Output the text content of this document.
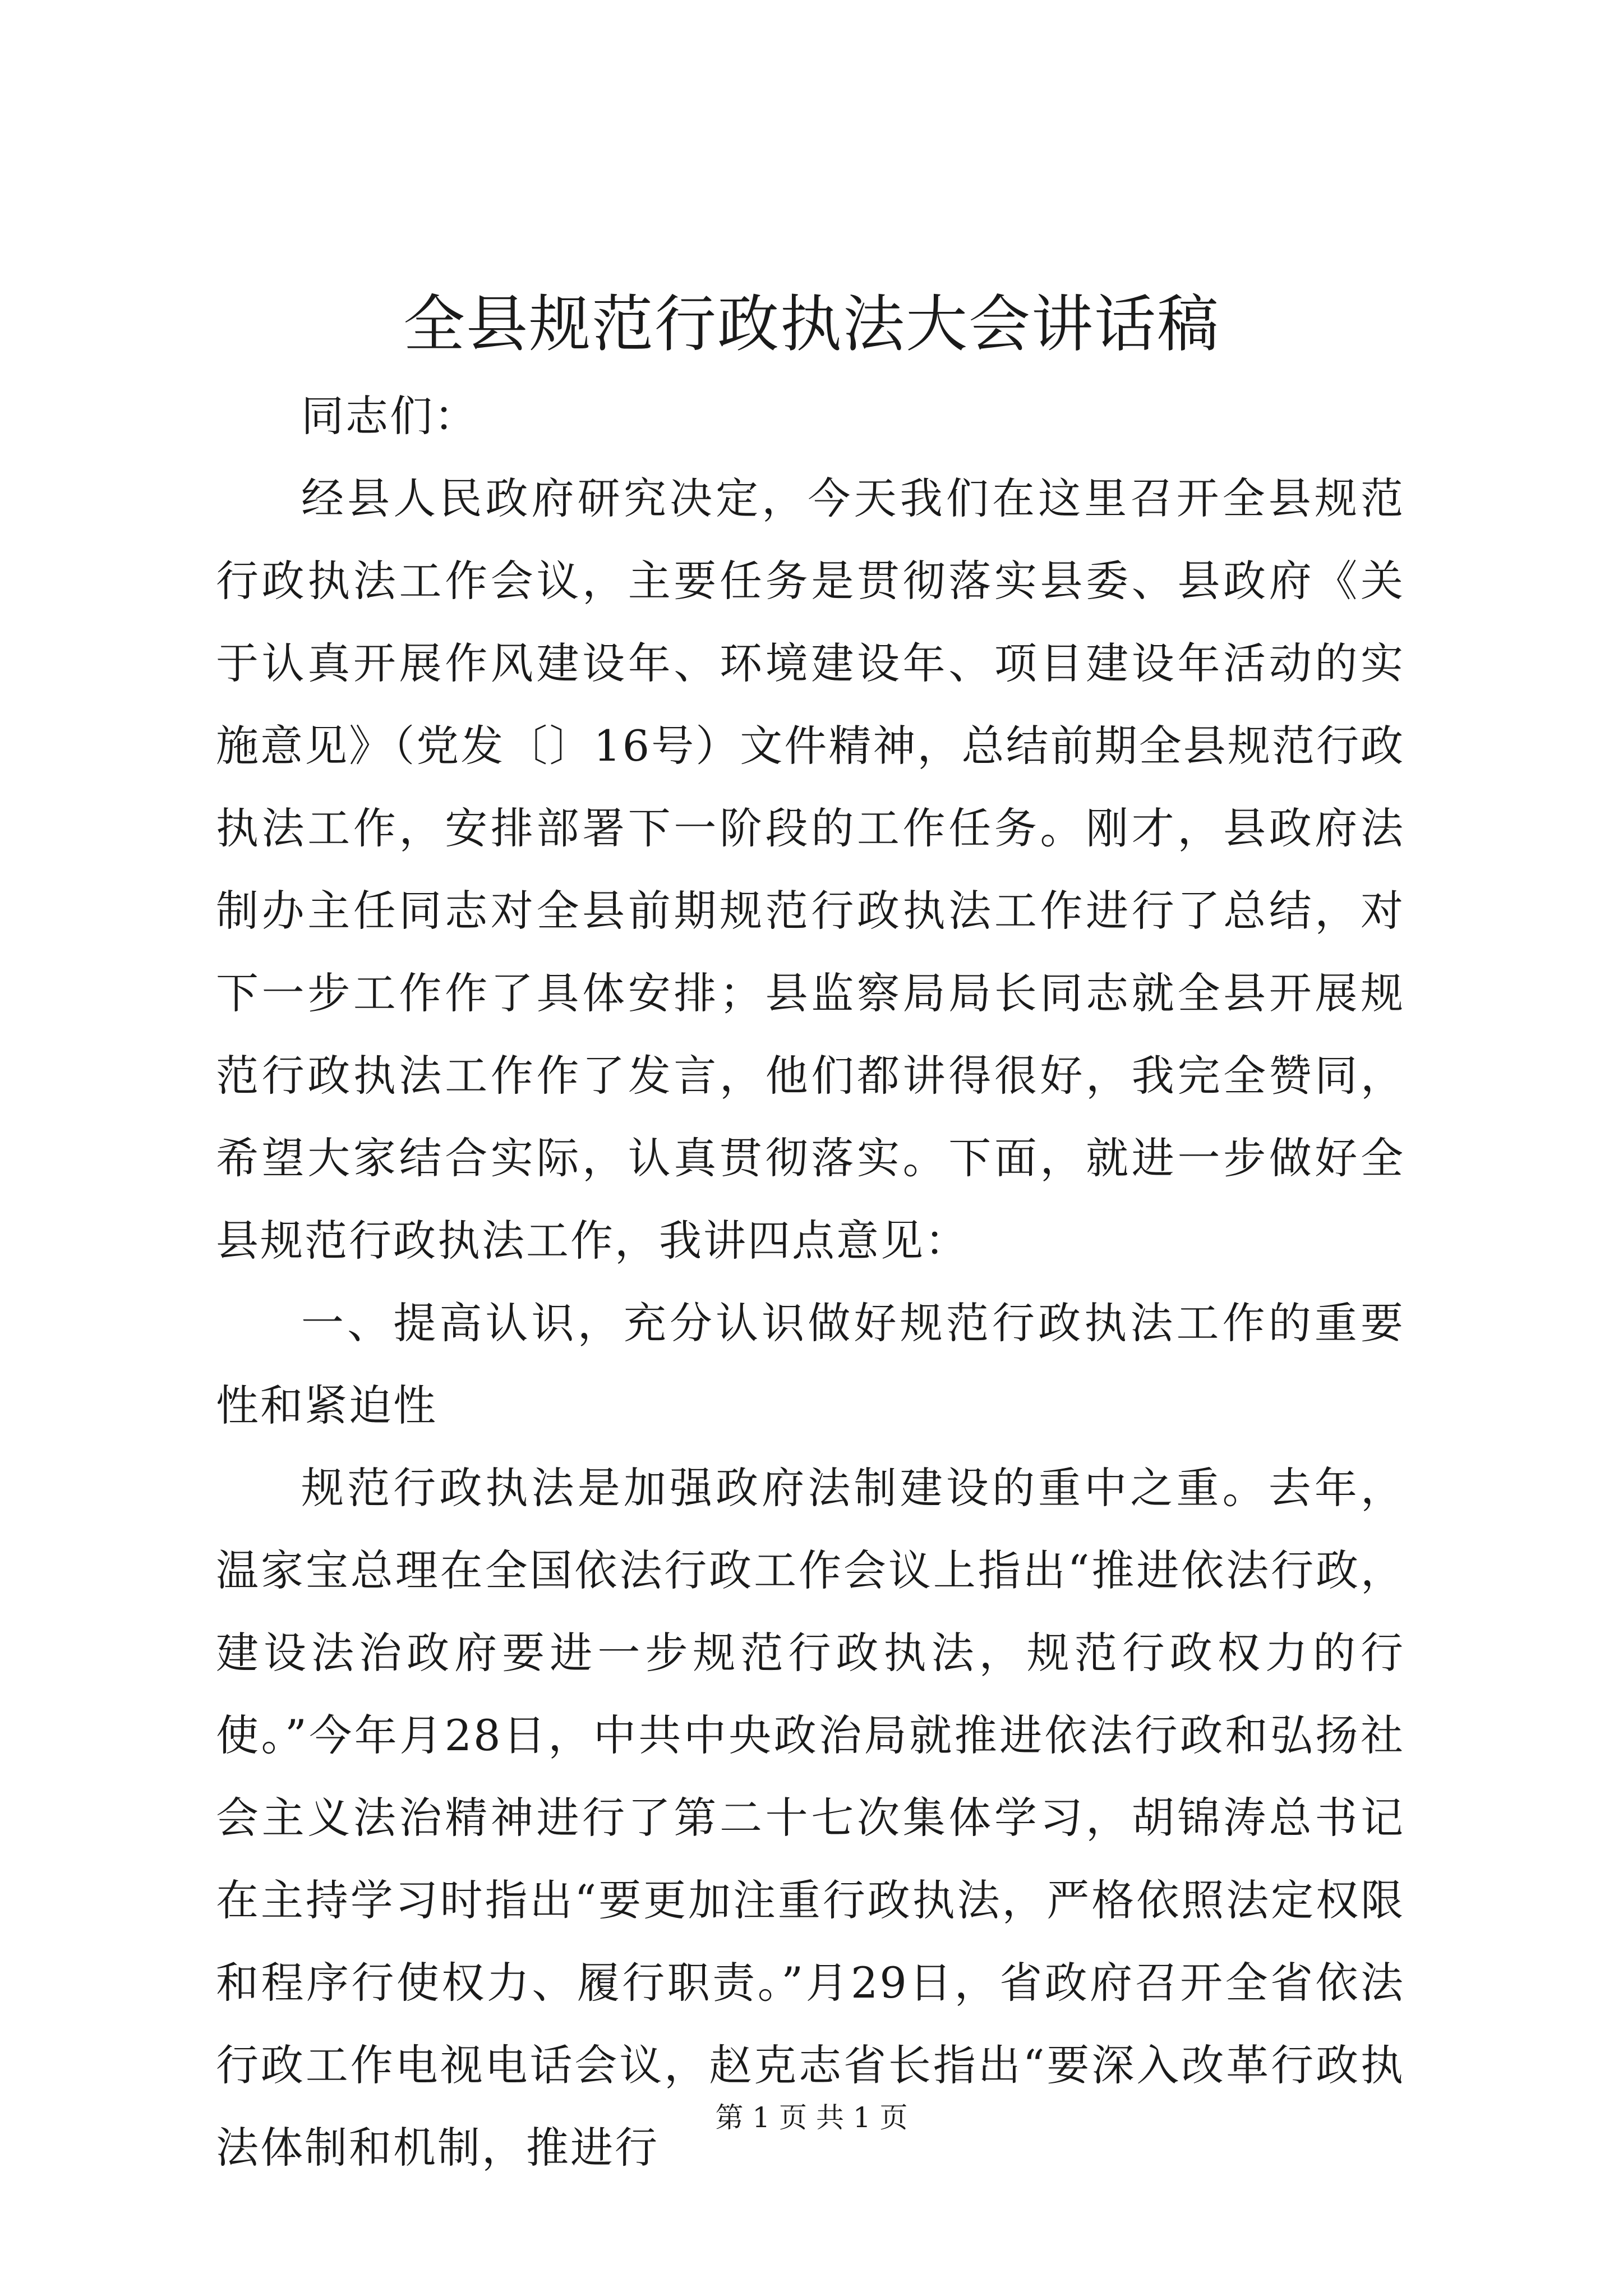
全县规范行政执法大会讲话稿

同志们：

经县人民政府研究决定，今天我们在这里召开全县规范行政执法工作会议，主要任务是贯彻落实县委、县政府《关于认真开展作风建设年、环境建设年、项目建设年活动的实施意见》（党发〔〕16号）文件精神，总结前期全县规范行政执法工作，安排部署下一阶段的工作任务。刚才，县政府法制办主任同志对全县前期规范行政执法工作进行了总结，对下一步工作作了具体安排；县监察局局长同志就全县开展规范行政执法工作作了发言，他们都讲得很好，我完全赞同，希望大家结合实际，认真贯彻落实。下面，就进一步做好全县规范行政执法工作，我讲四点意见：

一、提高认识，充分认识做好规范行政执法工作的重要性和紧迫性

规范行政执法是加强政府法制建设的重中之重。去年，温家宝总理在全国依法行政工作会议上指出“推进依法行政，建设法治政府要进一步规范行政执法，规范行政权力的行使。”今年月28日，中共中央政治局就推进依法行政和弘扬社会主义法治精神进行了第二十七次集体学习，胡锦涛总书记在主持学习时指出“要更加注重行政执法，严格依照法定权限和程序行使权力、履行职责。”月29日，省政府召开全省依法行政工作电视电话会议，赵克志省长指出“要深入改革行政执法体制和机制，推进行

第 1 页 共 1 页
